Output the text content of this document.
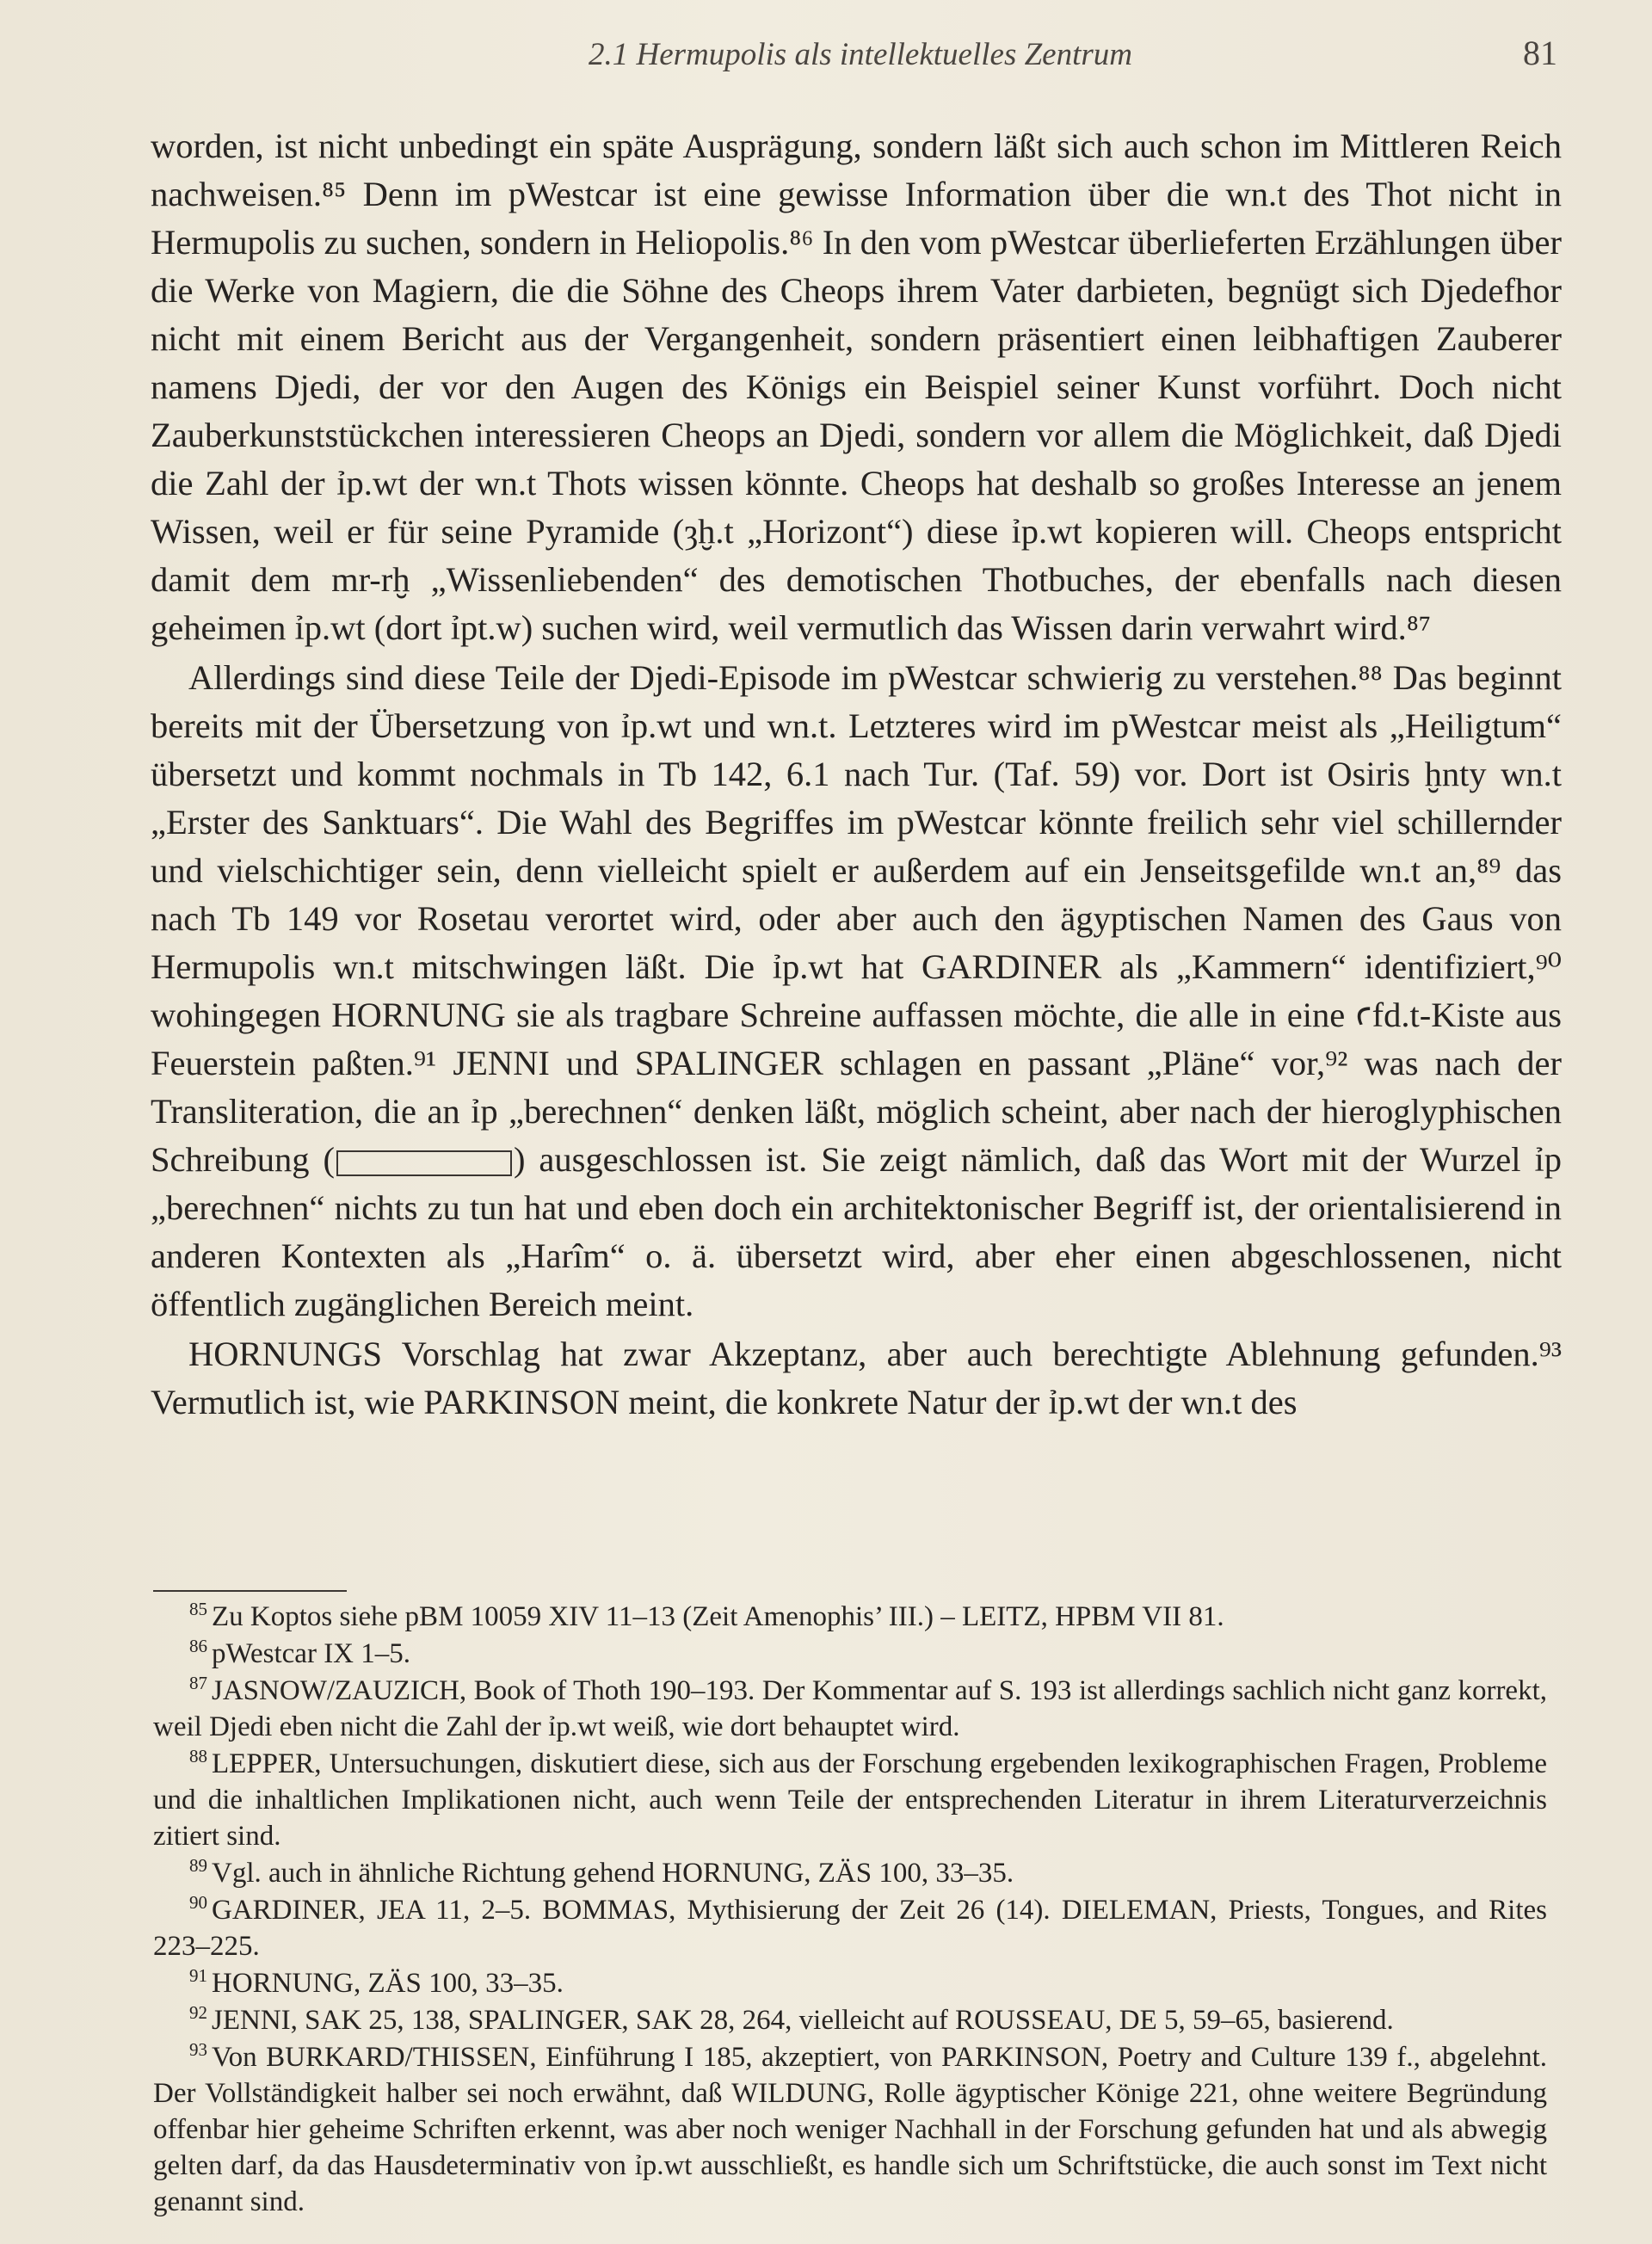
2.1 Hermupolis als intellektuelles Zentrum	81

worden, ist nicht unbedingt ein späte Ausprägung, sondern läßt sich auch schon im Mittleren Reich nachweisen.⁸⁵ Denn im pWestcar ist eine gewisse Information über die wn.t des Thot nicht in Hermupolis zu suchen, sondern in Heliopolis.⁸⁶ In den vom pWestcar überlieferten Erzählungen über die Werke von Magiern, die die Söhne des Cheops ihrem Vater darbieten, begnügt sich Djedefhor nicht mit einem Bericht aus der Vergangenheit, sondern präsentiert einen leibhaftigen Zauberer namens Djedi, der vor den Augen des Königs ein Beispiel seiner Kunst vorführt. Doch nicht Zauberkunststückchen interessieren Cheops an Djedi, sondern vor allem die Möglichkeit, daß Djedi die Zahl der ỉp.wt der wn.t Thots wissen könnte. Cheops hat deshalb so großes Interesse an jenem Wissen, weil er für seine Pyramide (ȝḫ.t „Horizont“) diese ỉp.wt kopieren will. Cheops entspricht damit dem mr-rḫ „Wissenliebenden“ des demotischen Thotbuches, der ebenfalls nach diesen geheimen ỉp.wt (dort ỉpt.w) suchen wird, weil vermutlich das Wissen darin verwahrt wird.⁸⁷

Allerdings sind diese Teile der Djedi-Episode im pWestcar schwierig zu verstehen.⁸⁸ Das beginnt bereits mit der Übersetzung von ỉp.wt und wn.t. Letzteres wird im pWestcar meist als „Heiligtum“ übersetzt und kommt nochmals in Tb 142, 6.1 nach Tur. (Taf. 59) vor. Dort ist Osiris ḫnty wn.t „Erster des Sanktuars“. Die Wahl des Begriffes im pWestcar könnte freilich sehr viel schillernder und vielschichtiger sein, denn vielleicht spielt er außerdem auf ein Jenseitsgefilde wn.t an,⁸⁹ das nach Tb 149 vor Rosetau verortet wird, oder aber auch den ägyptischen Namen des Gaus von Hermupolis wn.t mitschwingen läßt. Die ỉp.wt hat GARDINER als „Kammern“ identifiziert,⁹⁰ wohingegen HORNUNG sie als tragbare Schreine auffassen möchte, die alle in eine ꜥfd.t-Kiste aus Feuerstein paßten.⁹¹ JENNI und SPALINGER schlagen en passant „Pläne“ vor,⁹² was nach der Transliteration, die an ỉp „berechnen“ denken läßt, möglich scheint, aber nach der hieroglyphischen Schreibung (	) ausgeschlossen ist. Sie zeigt nämlich, daß das Wort mit der Wurzel ỉp „berechnen“ nichts zu tun hat und eben doch ein architektonischer Begriff ist, der orientalisierend in anderen Kontexten als „Harîm“ o. ä. übersetzt wird, aber eher einen abgeschlossenen, nicht öffentlich zugänglichen Bereich meint.

HORNUNGS Vorschlag hat zwar Akzeptanz, aber auch berechtigte Ablehnung gefunden.⁹³ Vermutlich ist, wie PARKINSON meint, die konkrete Natur der ỉp.wt der wn.t des

$^{85}$ Zu Koptos siehe pBM 10059 XIV 11–13 (Zeit Amenophis’ III.) – LEITZ, HPBM VII 81.

$^{86}$ pWestcar IX 1–5.

$^{87}$ JASNOW/ZAUZICH, Book of Thoth 190–193. Der Kommentar auf S. 193 ist allerdings sachlich nicht ganz korrekt, weil Djedi eben nicht die Zahl der ỉp.wt weiß, wie dort behauptet wird.

$^{88}$ LEPPER, Untersuchungen, diskutiert diese, sich aus der Forschung ergebenden lexikographischen Fragen, Probleme und die inhaltlichen Implikationen nicht, auch wenn Teile der entsprechenden Literatur in ihrem Literaturverzeichnis zitiert sind.

$^{89}$ Vgl. auch in ähnliche Richtung gehend HORNUNG, ZÄS 100, 33–35.

$^{90}$ GARDINER, JEA 11, 2–5. BOMMAS, Mythisierung der Zeit 26 (14). DIELEMAN, Priests, Tongues, and Rites 223–225.

$^{91}$ HORNUNG, ZÄS 100, 33–35.

$^{92}$ JENNI, SAK 25, 138, SPALINGER, SAK 28, 264, vielleicht auf ROUSSEAU, DE 5, 59–65, basierend.

$^{93}$ Von BURKARD/THISSEN, Einführung I 185, akzeptiert, von PARKINSON, Poetry and Culture 139 f., abgelehnt. Der Vollständigkeit halber sei noch erwähnt, daß WILDUNG, Rolle ägyptischer Könige 221, ohne weitere Begründung offenbar hier geheime Schriften erkennt, was aber noch weniger Nachhall in der Forschung gefunden hat und als abwegig gelten darf, da das Hausdeterminativ von ỉp.wt ausschließt, es handle sich um Schriftstücke, die auch sonst im Text nicht genannt sind.
